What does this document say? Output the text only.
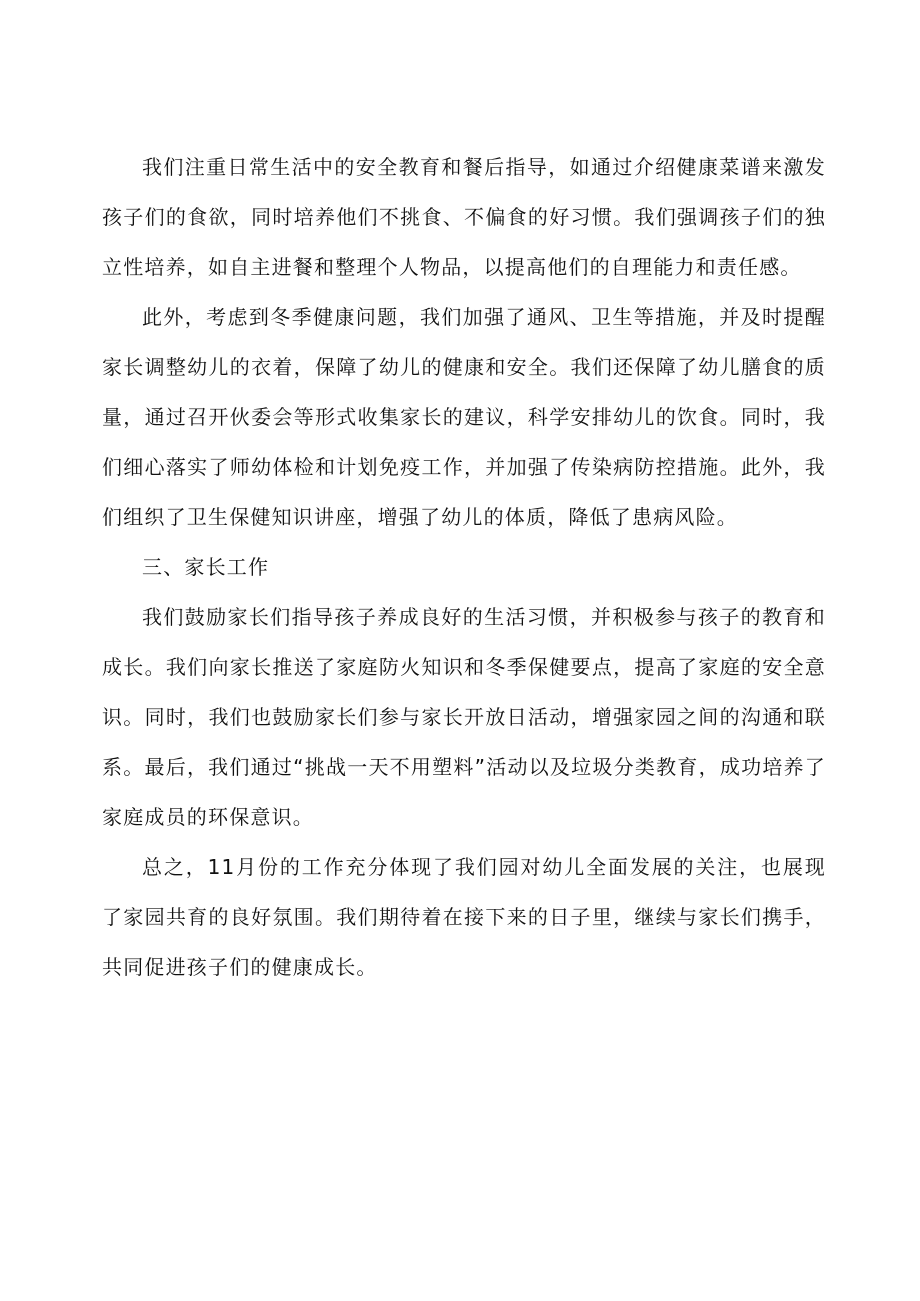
我们注重日常生活中的安全教育和餐后指导，如通过介绍健康菜谱来激发孩子们的食欲，同时培养他们不挑食、不偏食的好习惯。我们强调孩子们的独立性培养，如自主进餐和整理个人物品，以提高他们的自理能力和责任感。

此外，考虑到冬季健康问题，我们加强了通风、卫生等措施，并及时提醒家长调整幼儿的衣着，保障了幼儿的健康和安全。我们还保障了幼儿膳食的质量，通过召开伙委会等形式收集家长的建议，科学安排幼儿的饮食。同时，我们细心落实了师幼体检和计划免疫工作，并加强了传染病防控措施。此外，我们组织了卫生保健知识讲座，增强了幼儿的体质，降低了患病风险。

三、家长工作

我们鼓励家长们指导孩子养成良好的生活习惯，并积极参与孩子的教育和成长。我们向家长推送了家庭防火知识和冬季保健要点，提高了家庭的安全意识。同时，我们也鼓励家长们参与家长开放日活动，增强家园之间的沟通和联系。最后，我们通过“挑战一天不用塑料”活动以及垃圾分类教育，成功培养了家庭成员的环保意识。

总之，11月份的工作充分体现了我们园对幼儿全面发展的关注，也展现了家园共育的良好氛围。我们期待着在接下来的日子里，继续与家长们携手，共同促进孩子们的健康成长。
